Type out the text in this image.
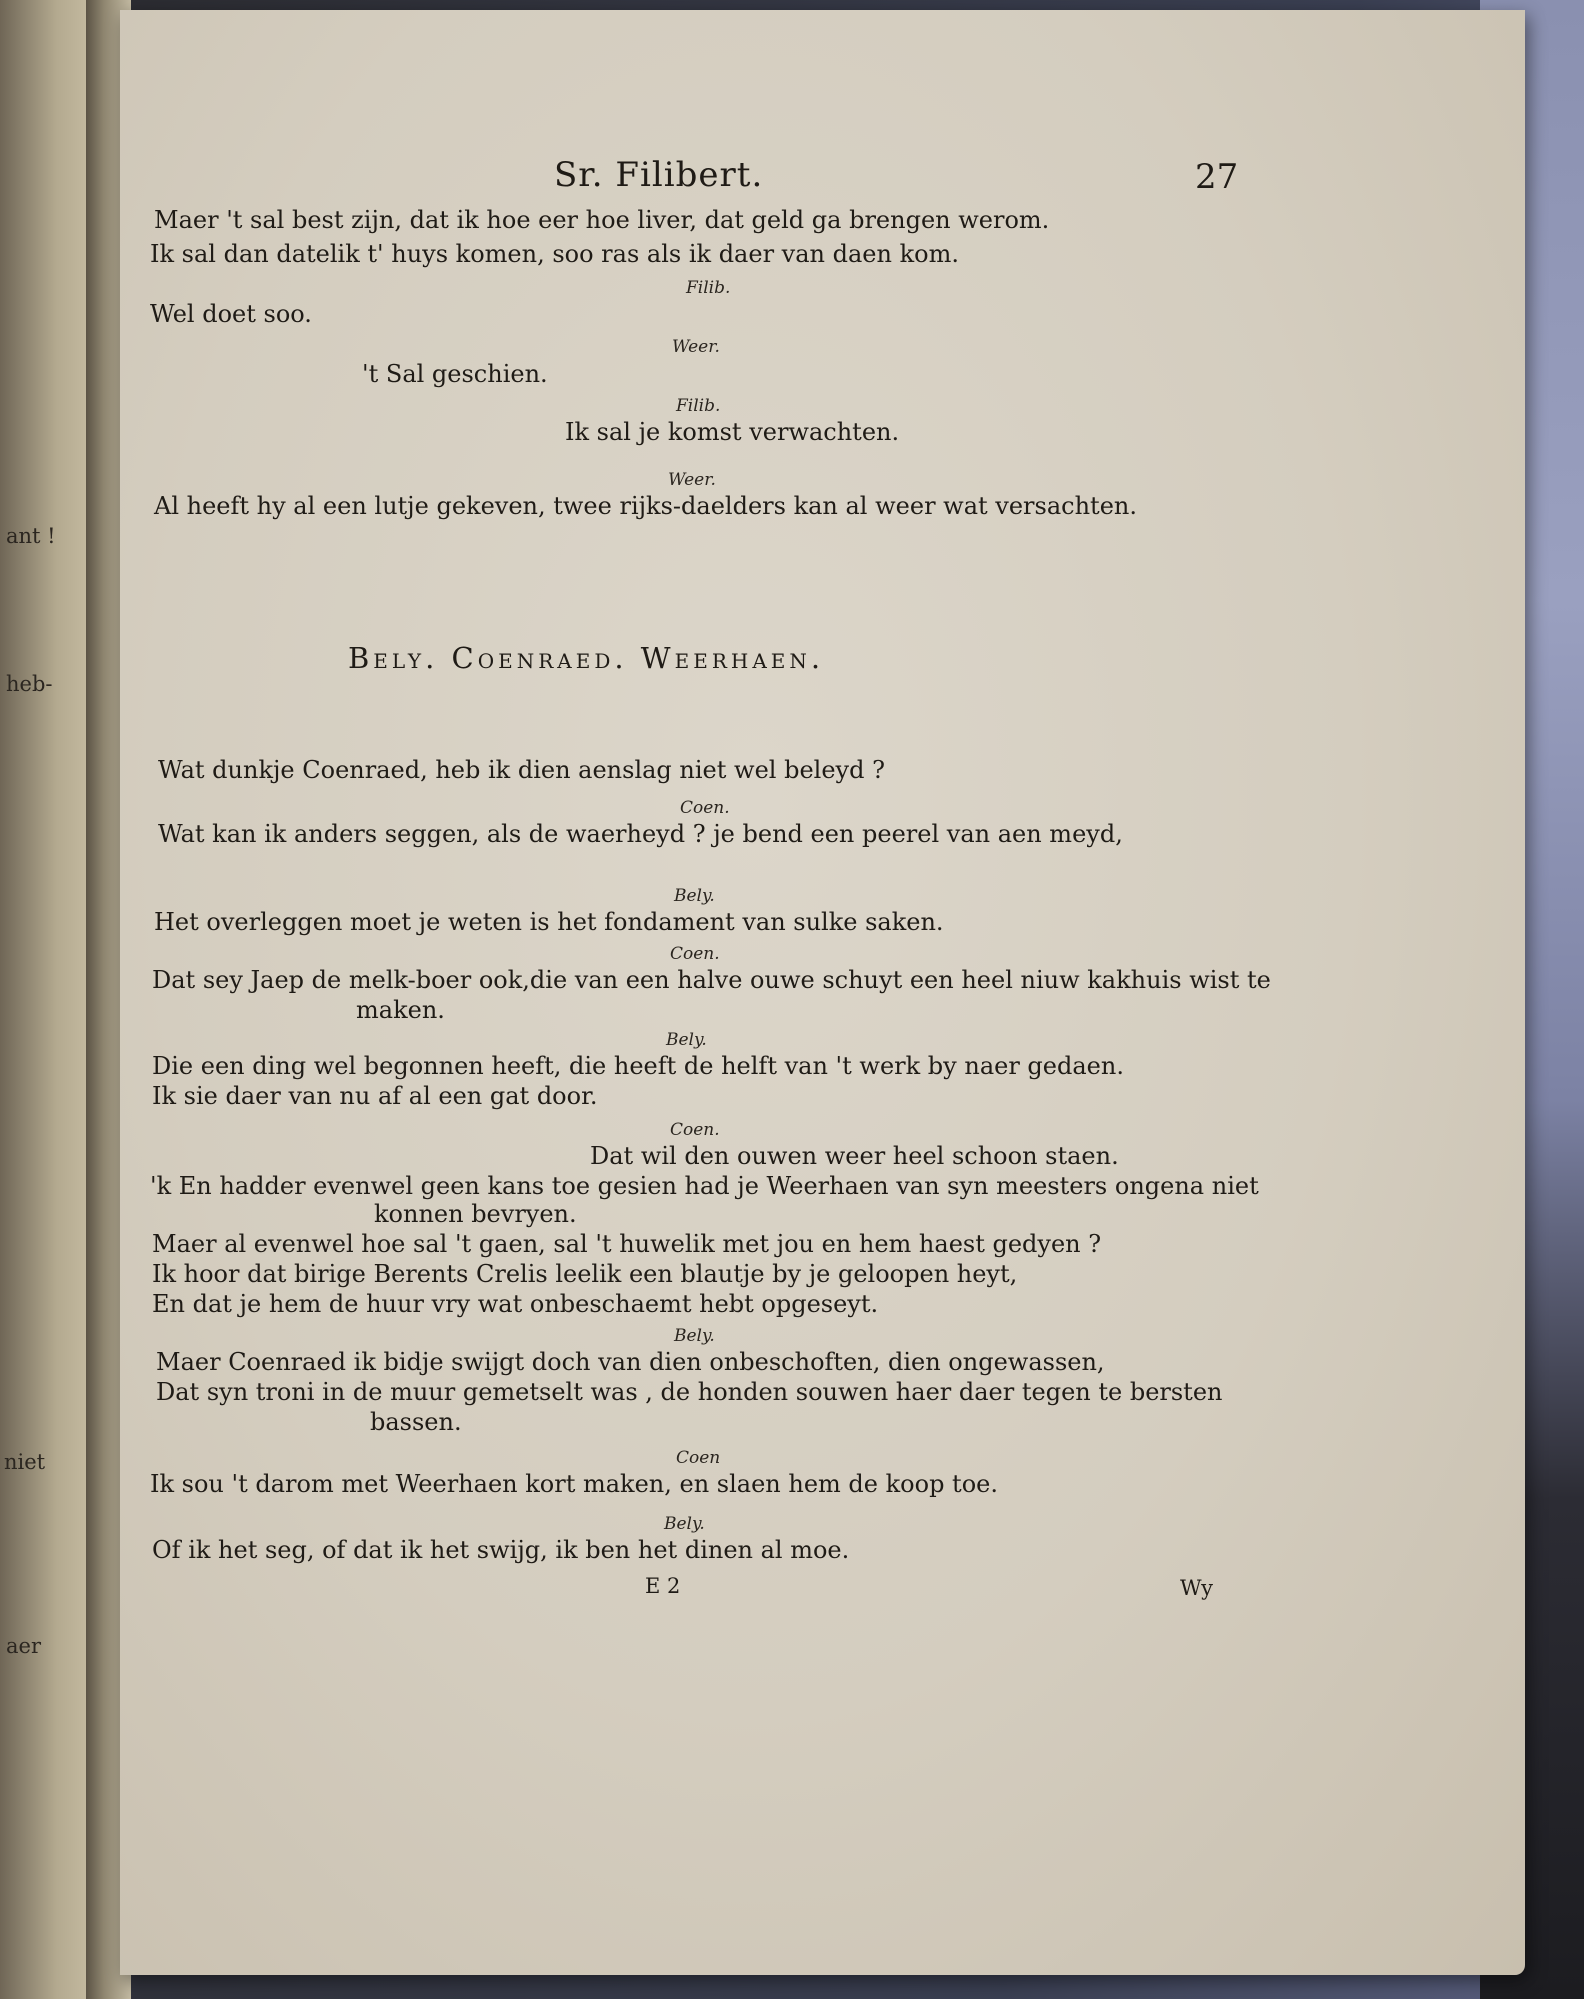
ant !
heb-
niet
aer
Sr. Filibert.	27
Maer 't sal best zijn, dat ik hoe eer hoe liver, dat geld ga brengen werom.
Ik sal dan datelik t' huys komen, soo ras als ik daer van daen kom.
Filib.
Wel doet soo.
Weer.
't Sal geschien.
Filib.
Ik sal je komst verwachten.
Weer.
Al heeft hy al een lutje gekeven, twee rijks-daelders kan al weer wat versachten.
Bely. Coenraed. Weerhaen.
Wat dunkje Coenraed, heb ik dien aenslag niet wel beleyd ?
Coen.
Wat kan ik anders seggen, als de waerheyd ? je bend een peerel van aen meyd,
Bely.
Het overleggen moet je weten is het fondament van sulke saken.
Coen.
Dat sey Jaep de melk-boer ook,die van een halve ouwe schuyt een heel niuw kakhuis wist te
maken.
Bely.
Die een ding wel begonnen heeft, die heeft de helft van 't werk by naer gedaen.
Ik sie daer van nu af al een gat door.
Coen.
Dat wil den ouwen weer heel schoon staen.
'k En hadder evenwel geen kans toe gesien had je Weerhaen van syn meesters ongena niet
konnen bevryen.
Maer al evenwel hoe sal 't gaen, sal 't huwelik met jou en hem haest gedyen ?
Ik hoor dat birige Berents Crelis leelik een blautje by je geloopen heyt,
En dat je hem de huur vry wat onbeschaemt hebt opgeseyt.
Bely.
Maer Coenraed ik bidje swijgt doch van dien onbeschoften, dien ongewassen,
Dat syn troni in de muur gemetselt was , de honden souwen haer daer tegen te bersten
bassen.
Coen
Ik sou 't darom met Weerhaen kort maken, en slaen hem de koop toe.
Bely.
Of ik het seg, of dat ik het swijg, ik ben het dinen al moe.
E 2	Wy
